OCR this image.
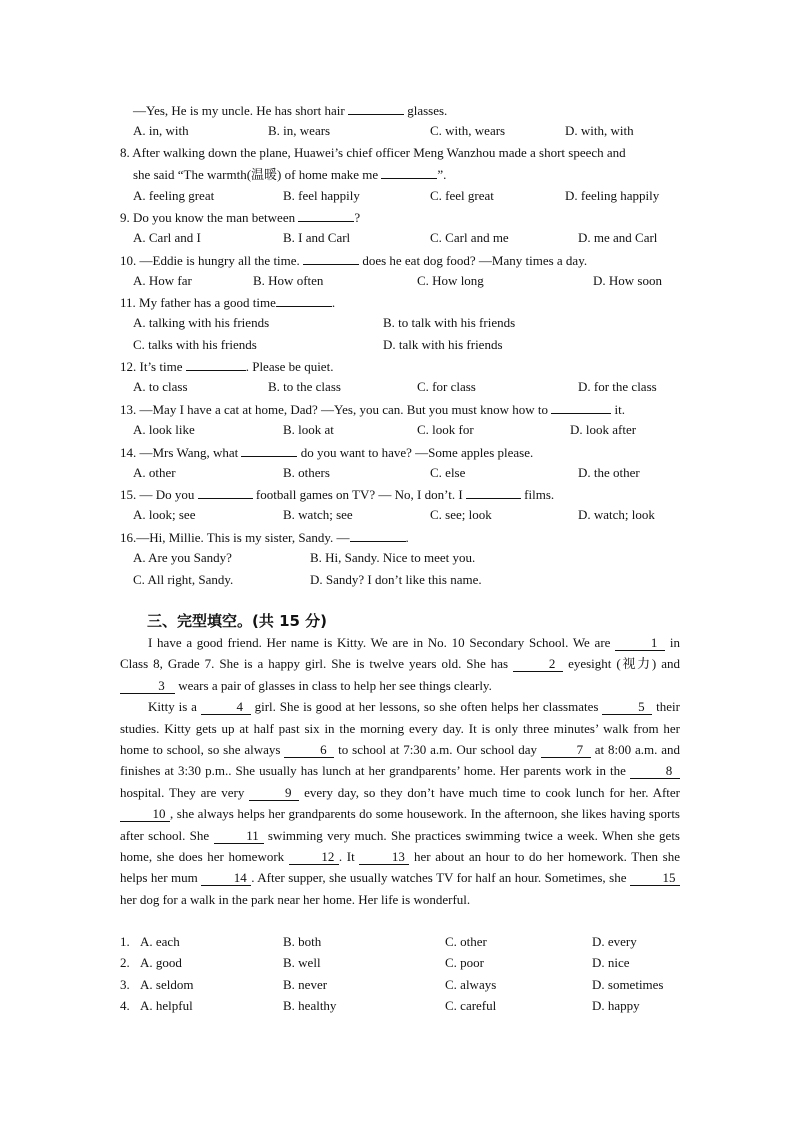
—Yes, He is my uncle. He has short hair	glasses.
A. in, with	B. in, wears	C. with, wears	D. with, with
8. After walking down the plane, Huawei’s chief officer Meng Wanzhou made a short speech and
she said “The warmth(温暖) of home make me	”.
A. feeling great	B. feel happily	C. feel great	D. feeling happily
9. Do you know the man between	?
A. Carl and I	B. I and Carl	C. Carl and me	D. me and Carl
10. —Eddie is hungry all the time.	does he eat dog food? —Many times a day.
A. How far	B. How often	C. How long	D. How soon
11. My father has a good time	.
A. talking with his friends	B. to talk with his friends
C. talks with his friends	D. talk with his friends
12. It’s time	. Please be quiet.
A. to class	B. to the class	C. for class	D. for the class
13. —May I have a cat at home, Dad? —Yes, you can. But you must know how to	it.
A. look like	B. look at	C. look for	D. look after
14. —Mrs Wang, what	do you want to have? —Some apples please.
A. other	B. others	C. else	D. the other
15. — Do you	football games on TV? — No, I don’t. I	films.
A. look; see	B. watch; see	C. see; look	D. watch; look
16.—Hi, Millie. This is my sister, Sandy. —	.
A. Are you Sandy?	B. Hi, Sandy. Nice to meet you.
C. All right, Sandy.	D. Sandy? I don’t like this name.
三、完型填空。(共 15 分)

I have a good friend. Her name is Kitty. We are in No. 10 Secondary School. We are	1 in Class 8, Grade 7. She is a happy girl. She is twelve years old. She has	2 eyesight (视力) and 3 wears a pair of glasses in class to help her see things clearly.

Kitty is a	4 girl. She is good at her lessons, so she often helps her classmates	5 their studies. Kitty gets up at half past six in the morning every day. It is only three minutes’ walk from her home to school, so she always	6 to school at 7:30 a.m. Our school day	7 at 8:00 a.m. and finishes at 3:30 p.m.. She usually has lunch at her grandparents’ home. Her parents work in the	8 hospital. They are very	9 every day, so they don’t have much time to cook lunch for her. After 10 , she always helps her grandparents do some housework. In the afternoon, she likes having sports after school. She	11 swimming very much. She practices swimming twice a week. When she gets home, she does her homework	12 . It	13 her about an hour to do her homework. Then she helps her mum	14 . After supper, she usually watches TV for half an hour. Sometimes, she	15 her dog for a walk in the park near her home. Her life is wonderful.

1. A. each	B. both	C. other	D. every
2. A. good	B. well	C. poor	D. nice
3. A. seldom	B. never	C. always	D. sometimes
4. A. helpful	B. healthy	C. careful	D. happy
